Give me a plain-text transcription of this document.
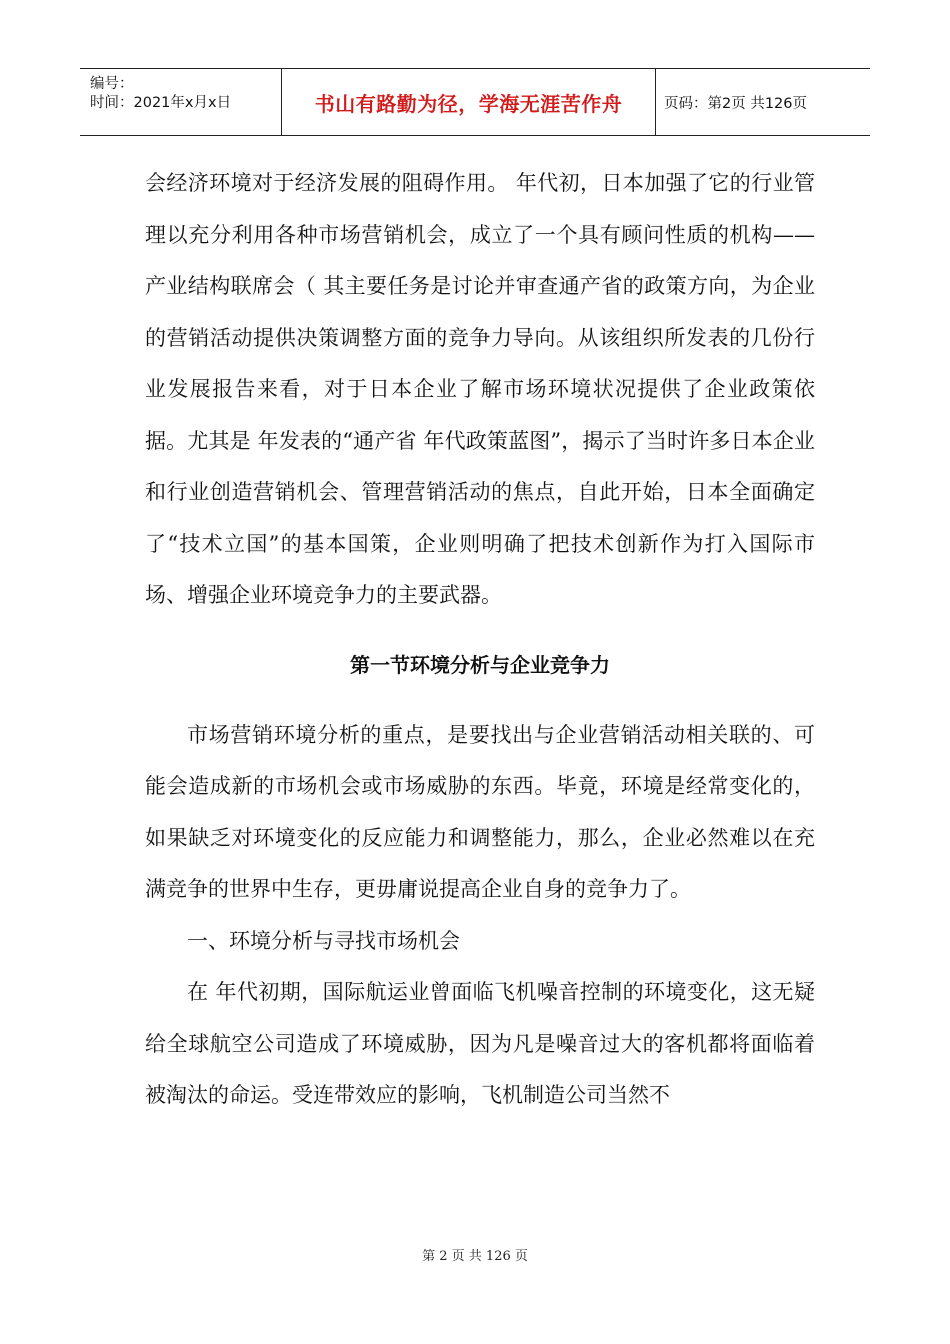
编号：
时间：2021年x月x日	书山有路勤为径，学海无涯苦作舟	页码：第2页 共126页

会经济环境对于经济发展的阻碍作用。 年代初，日本加强了它的行业管理以充分利用各种市场营销机会，成立了一个具有顾问性质的机构——产业结构联席会（ 其主要任务是讨论并审查通产省的政策方向，为企业的营销活动提供决策调整方面的竞争力导向。从该组织所发表的几份行业发展报告来看，对于日本企业了解市场环境状况提供了企业政策依据。尤其是 年发表的“通产省 年代政策蓝图”，揭示了当时许多日本企业和行业创造营销机会、管理营销活动的焦点，自此开始，日本全面确定了“技术立国”的基本国策，企业则明确了把技术创新作为打入国际市场、增强企业环境竞争力的主要武器。

第一节环境分析与企业竞争力

市场营销环境分析的重点，是要找出与企业营销活动相关联的、可能会造成新的市场机会或市场威胁的东西。毕竟，环境是经常变化的，如果缺乏对环境变化的反应能力和调整能力，那么，企业必然难以在充满竞争的世界中生存，更毋庸说提高企业自身的竞争力了。

一、环境分析与寻找市场机会

在 年代初期，国际航运业曾面临飞机噪音控制的环境变化，这无疑给全球航空公司造成了环境威胁，因为凡是噪音过大的客机都将面临着被淘汰的命运。受连带效应的影响，飞机制造公司当然不

第 2 页 共 126 页
